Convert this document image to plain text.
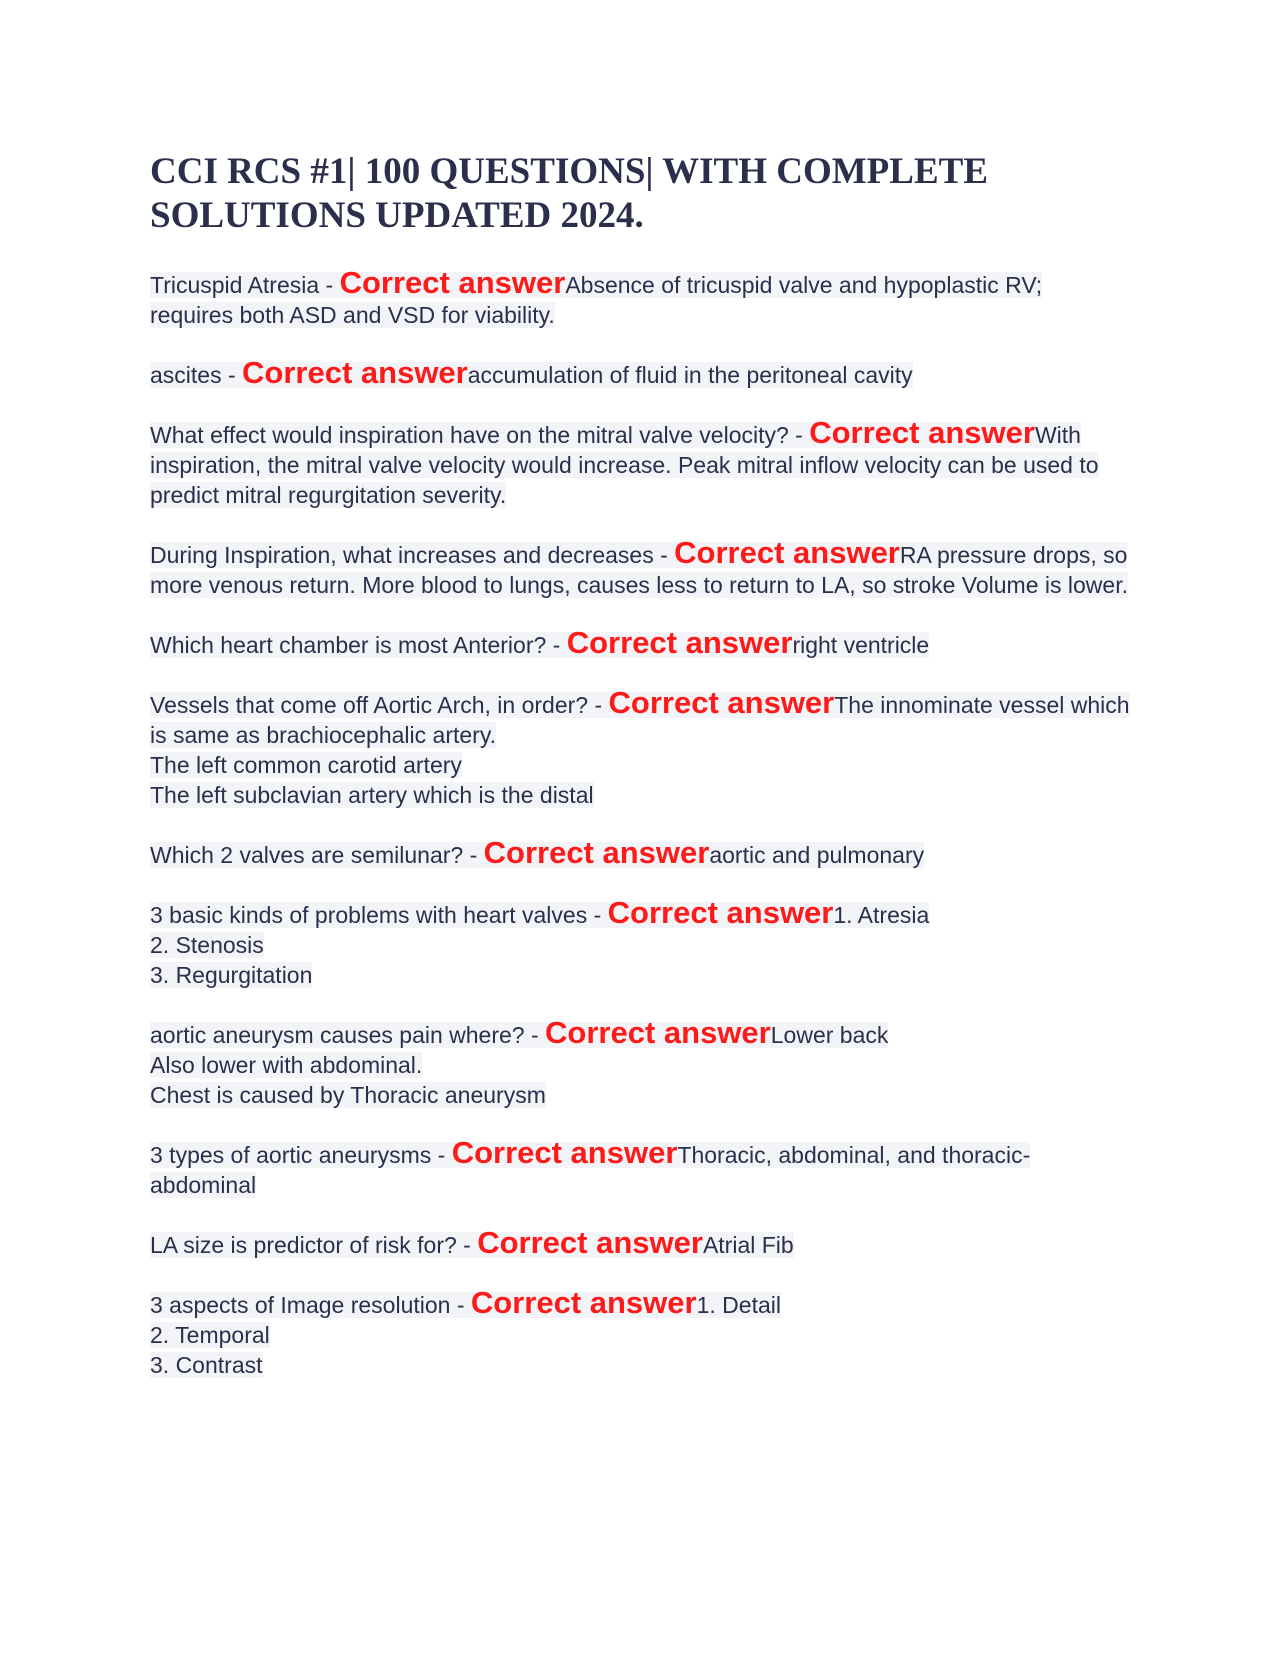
CCI RCS #1| 100 QUESTIONS| WITH COMPLETE SOLUTIONS UPDATED 2024.

Tricuspid Atresia - Correct answerAbsence of tricuspid valve and hypoplastic RV; requires both ASD and VSD for viability.

ascites - Correct answeraccumulation of fluid in the peritoneal cavity

What effect would inspiration have on the mitral valve velocity? - Correct answerWith inspiration, the mitral valve velocity would increase. Peak mitral inflow velocity can be used to predict mitral regurgitation severity.

During Inspiration, what increases and decreases - Correct answerRA pressure drops, so more venous return. More blood to lungs, causes less to return to LA, so stroke Volume is lower.

Which heart chamber is most Anterior? - Correct answerright ventricle

Vessels that come off Aortic Arch, in order? - Correct answerThe innominate vessel which is same as brachiocephalic artery.
The left common carotid artery
The left subclavian artery which is the distal

Which 2 valves are semilunar? - Correct answeraortic and pulmonary

3 basic kinds of problems with heart valves - Correct answer1. Atresia
2. Stenosis
3. Regurgitation

aortic aneurysm causes pain where? - Correct answerLower back
Also lower with abdominal.
Chest is caused by Thoracic aneurysm

3 types of aortic aneurysms - Correct answerThoracic, abdominal, and thoracic-abdominal

LA size is predictor of risk for? - Correct answerAtrial Fib

3 aspects of Image resolution - Correct answer1. Detail
2. Temporal
3. Contrast
